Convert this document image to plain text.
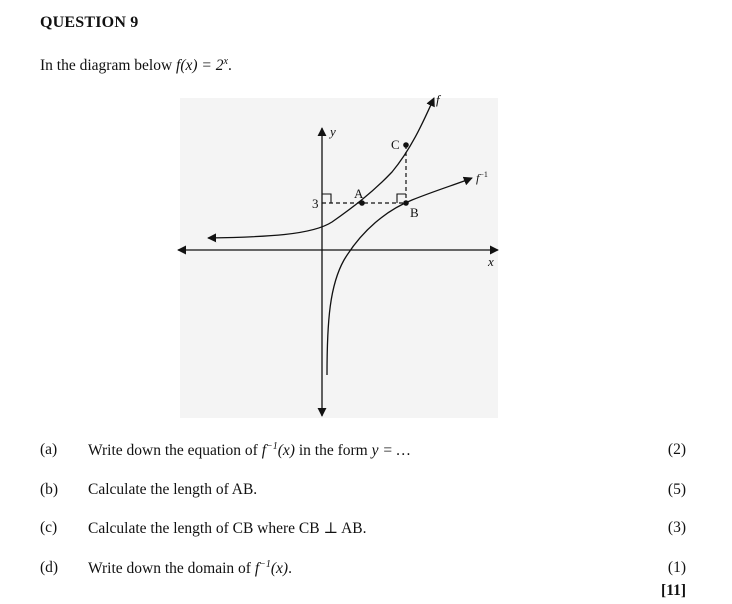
QUESTION 9
In the diagram below $f(x) = 2^x$.
y
x
f
$f^{-1}$
3
A
B
C
(a) Write down the equation of $f^{-1}(x)$ in the form y = …	(2)
(b) Calculate the length of AB.	(5)
(c) Calculate the length of CB where CB ⊥ AB.	(3)
(d) Write down the domain of $f^{-1}(x)$.	(1)
[11]
